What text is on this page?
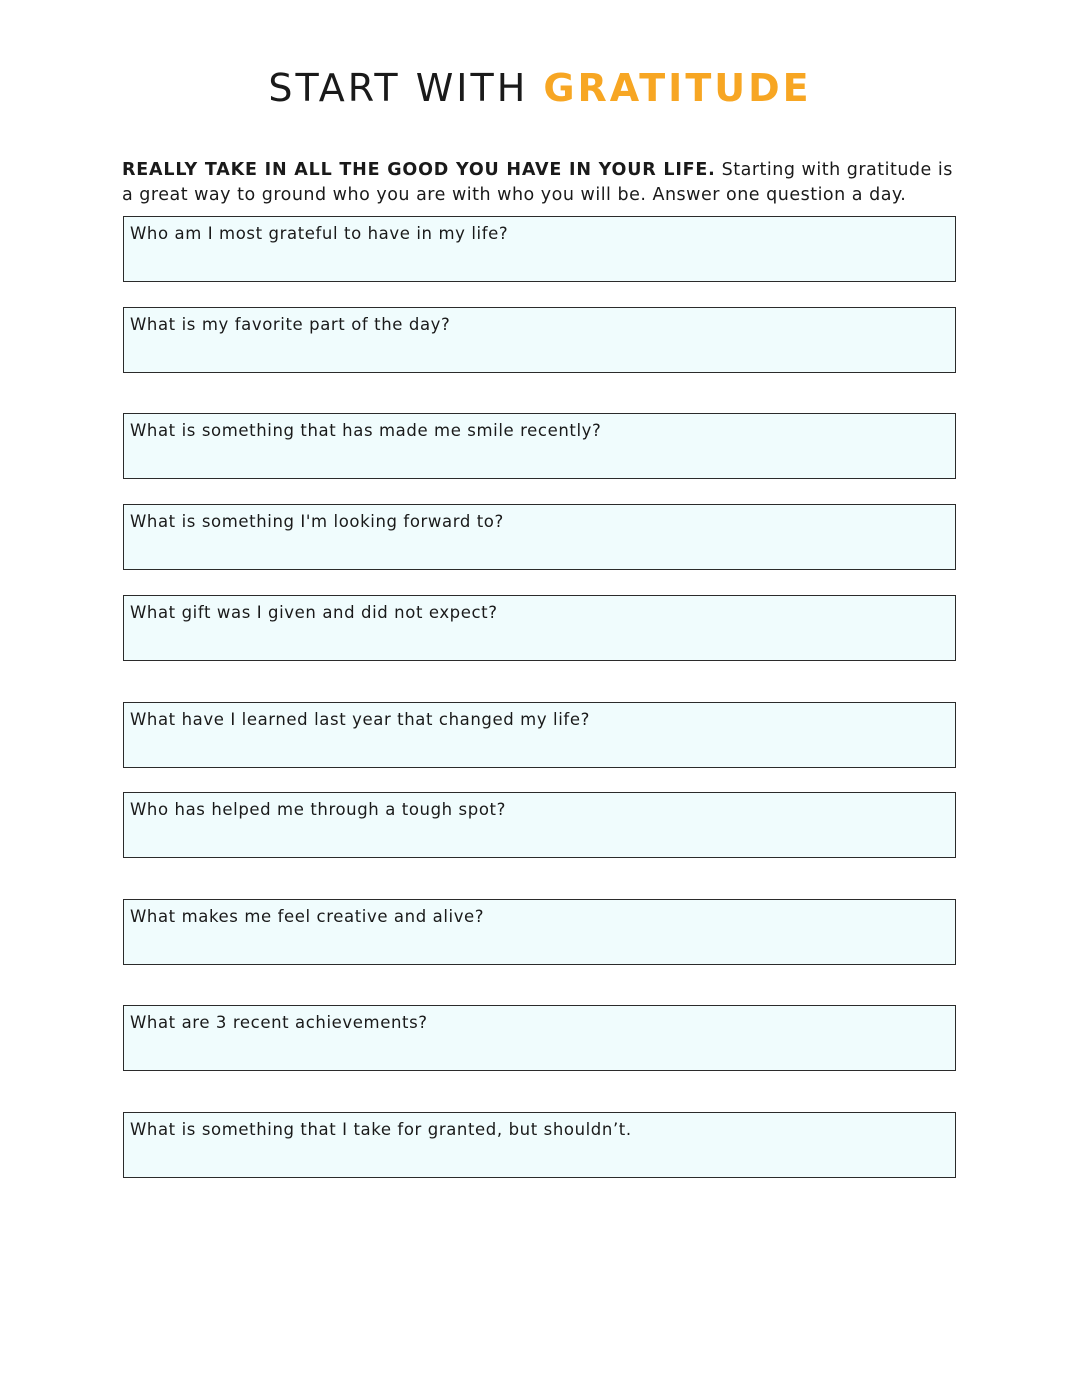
START WITH GRATITUDE

REALLY TAKE IN ALL THE GOOD YOU HAVE IN YOUR LIFE. Starting with gratitude is a great way to ground who you are with who you will be. Answer one question a day.

Who am I most grateful to have in my life?
What is my favorite part of the day?
What is something that has made me smile recently?
What is something I'm looking forward to?
What gift was I given and did not expect?
What have I learned last year that changed my life?
Who has helped me through a tough spot?
What makes me feel creative and alive?
What are 3 recent achievements?
What is something that I take for granted, but shouldn’t.
